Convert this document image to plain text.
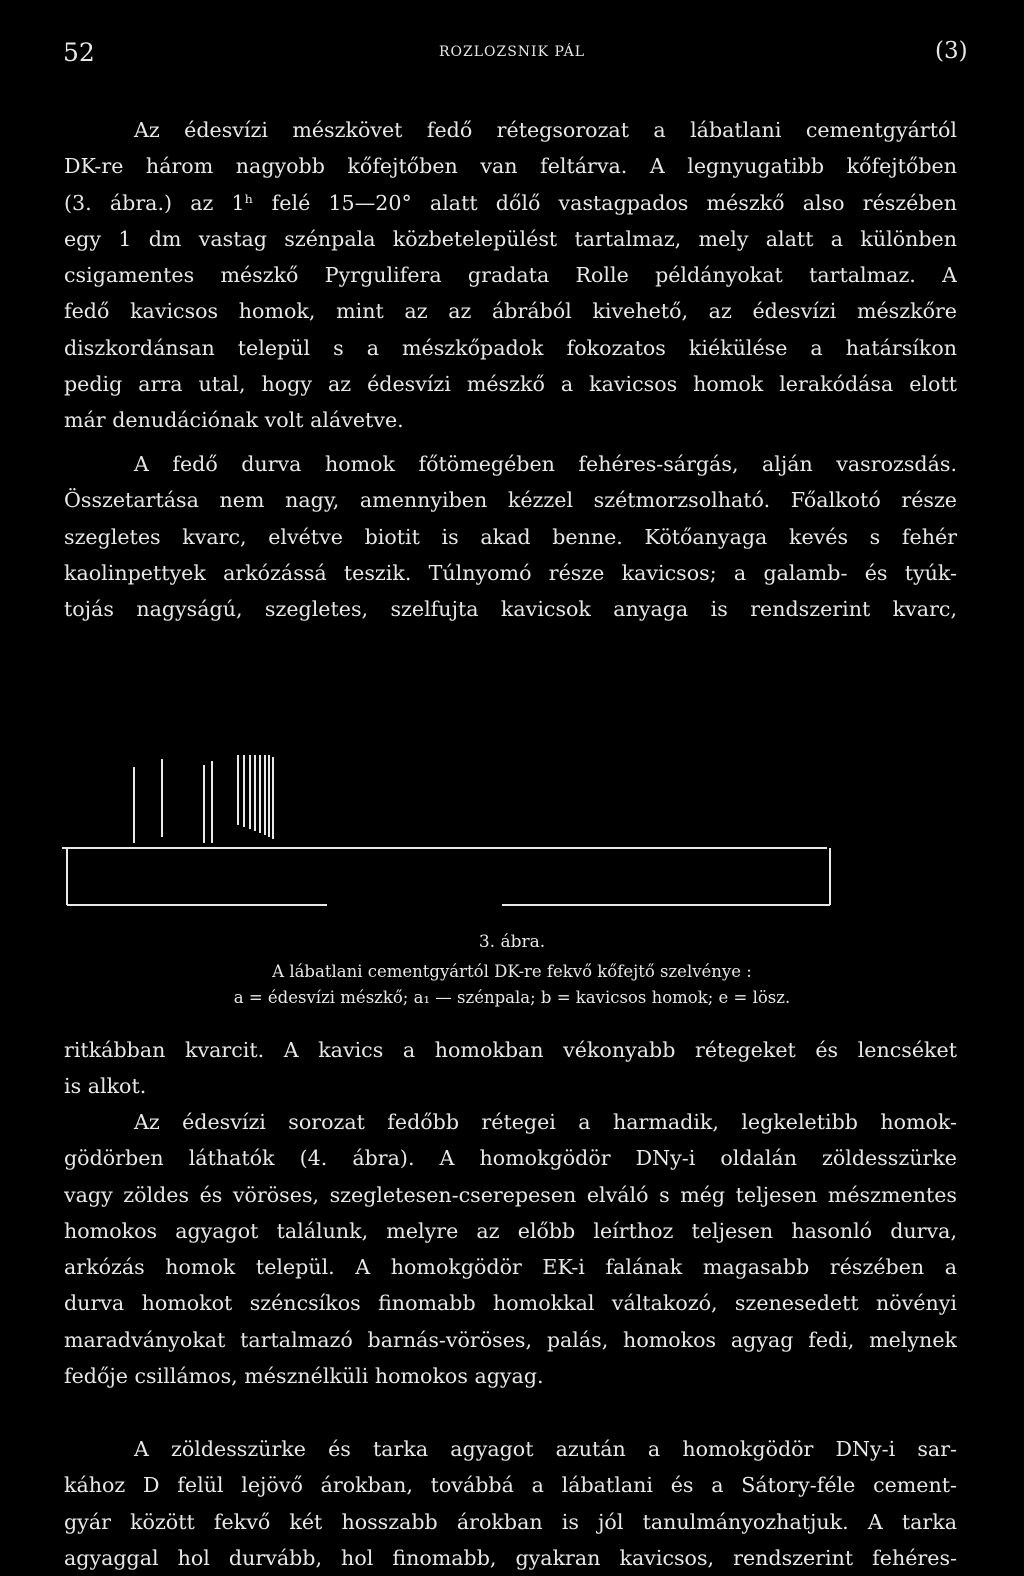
52	ROZLOZSNIK PÁL	(3)
Az édesvízi mészkövet fedő rétegsorozat a lábatlani cementgyártól
DK-re három nagyobb kőfejtőben van feltárva. A legnyugatibb kőfejtőben
(3. ábra.) az 1ʰ felé 15—20° alatt dőlő vastagpados mészkő also részében
egy 1 dm vastag szénpala közbetelepülést tartalmaz, mely alatt a különben
csigamentes mészkő Pyrgulifera gradata Rolle példányokat tartalmaz. A
fedő kavicsos homok, mint az az ábrából kivehető, az édesvízi mészkőre
diszkordánsan települ s a mészkőpadok fokozatos kiékülése a határsíkon
pedig arra utal, hogy az édesvízi mészkő a kavicsos homok lerakódása elott
már denudációnak volt alávetve.
A fedő durva homok főtömegében fehéres-sárgás, alján vasrozsdás.
Összetartása nem nagy, amennyiben kézzel szétmorzsolható. Főalkotó része
szegletes kvarc, elvétve biotit is akad benne. Kötőanyaga kevés s fehér
kaolinpettyek arkózássá teszik. Túlnyomó része kavicsos; a galamb- és tyúk-
tojás nagyságú, szegletes, szelfujta kavicsok anyaga is rendszerint kvarc,

3. ábra.

A lábatlani cementgyártól DK-re fekvő kőfejtő szelvénye :

a = édesvízi mészkő; a₁ — szénpala; b = kavicsos homok; e = lösz.

ritkábban kvarcit. A kavics a homokban vékonyabb rétegeket és lencséket
is alkot.
Az édesvízi sorozat fedőbb rétegei a harmadik, legkeletibb homok-
gödörben láthatók (4. ábra). A homokgödör DNy-i oldalán zöldesszürke
vagy zöldes és vöröses, szegletesen-cserepesen elváló s még teljesen mészmentes
homokos agyagot találunk, melyre az előbb leírthoz teljesen hasonló durva,
arkózás homok települ. A homokgödör EK-i falának magasabb részében a
durva homokot széncsíkos finomabb homokkal váltakozó, szenesedett növényi
maradványokat tartalmazó barnás-vöröses, palás, homokos agyag fedi, melynek
fedője csillámos, mésznélküli homokos agyag.
A zöldesszürke és tarka agyagot azután a homokgödör DNy-i sar-
kához D felül lejövő árokban, továbbá a lábatlani és a Sátory-féle cement-
gyár között fekvő két hosszabb árokban is jól tanulmányozhatjuk. A tarka
agyaggal hol durvább, hol finomabb, gyakran kavicsos, rendszerint fehéres-
